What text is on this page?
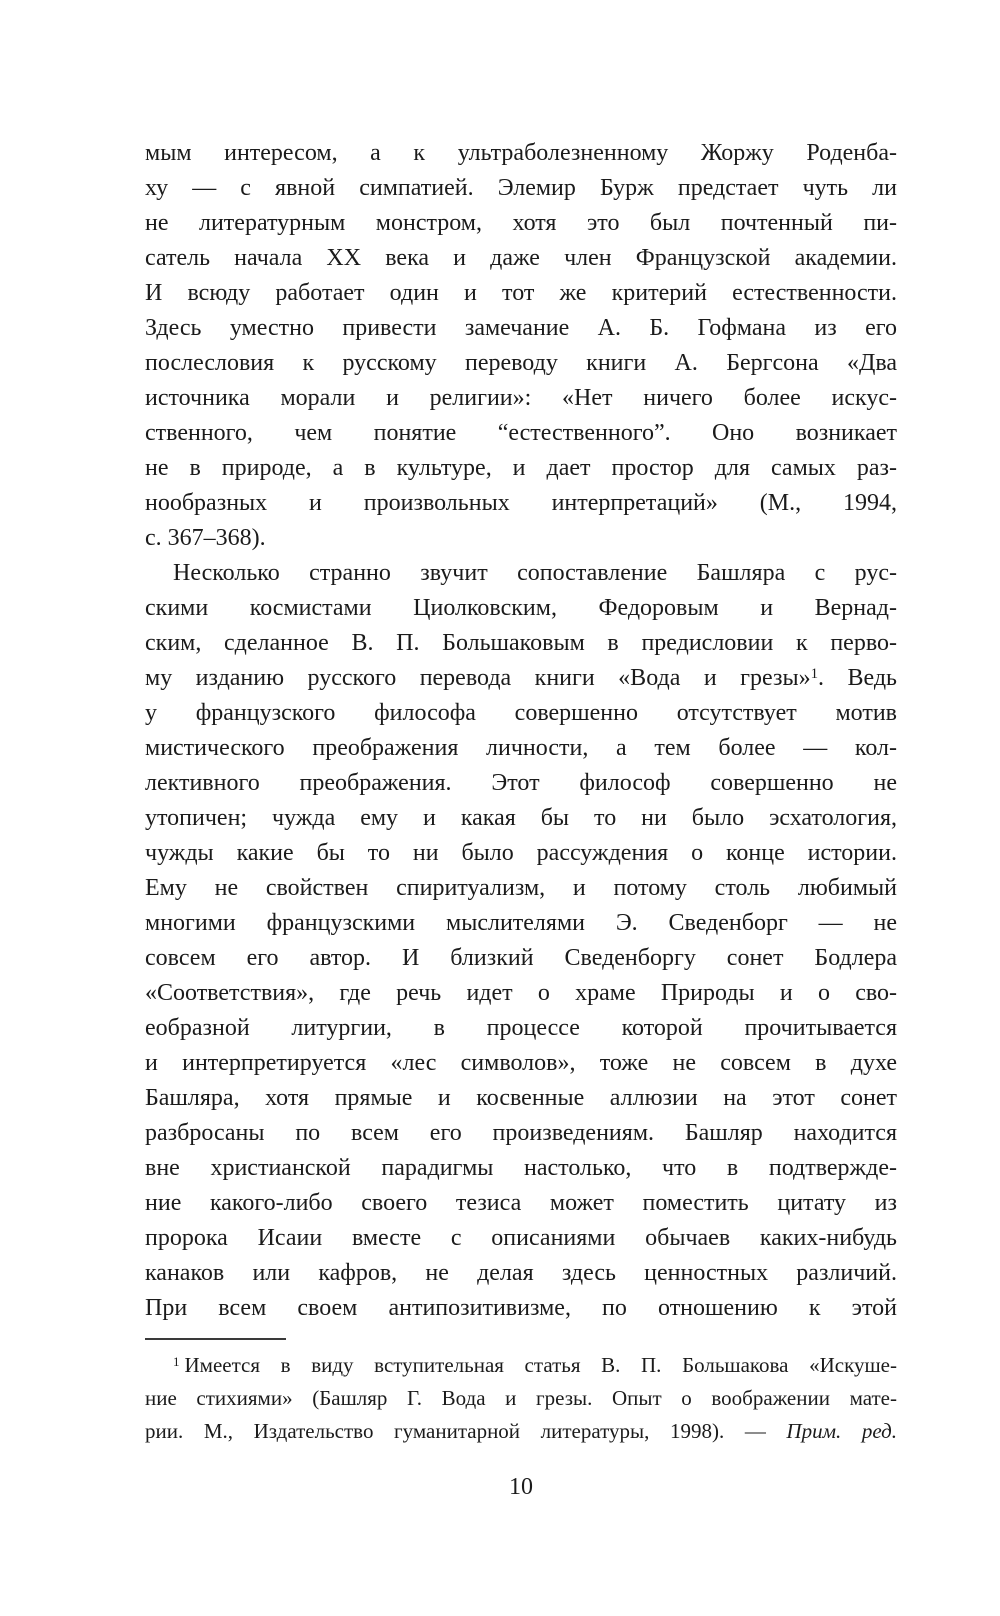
мым интересом, а к ультраболезненному Жоржу Роденба-
ху — с явной симпатией. Элемир Бурж предстает чуть ли
не литературным монстром, хотя это был почтенный пи-
сатель начала XX века и даже член Французской академии.
И всюду работает один и тот же критерий естественности.
Здесь уместно привести замечание А. Б. Гофмана из его
послесловия к русскому переводу книги А. Бергсона «Два
источника морали и религии»: «Нет ничего более искус-
ственного, чем понятие “естественного”. Оно возникает
не в природе, а в культуре, и дает простор для самых раз-
нообразных и произвольных интерпретаций» (М., 1994,
с. 367–368).
Несколько странно звучит сопоставление Башляра с рус-
скими космистами Циолковским, Федоровым и Вернад-
ским, сделанное В. П. Большаковым в предисловии к перво-
му изданию русского перевода книги «Вода и грезы»$^1$. Ведь
у французского философа совершенно отсутствует мотив
мистического преображения личности, а тем более — кол-
лективного преображения. Этот философ совершенно не
утопичен; чужда ему и какая бы то ни было эсхатология,
чужды какие бы то ни было рассуждения о конце истории.
Ему не свойствен спиритуализм, и потому столь любимый
многими французскими мыслителями Э. Сведенборг — не
совсем его автор. И близкий Сведенборгу сонет Бодлера
«Соответствия», где речь идет о храме Природы и о сво-
еобразной литургии, в процессе которой прочитывается
и интерпретируется «лес символов», тоже не совсем в духе
Башляра, хотя прямые и косвенные аллюзии на этот сонет
разбросаны по всем его произведениям. Башляр находится
вне христианской парадигмы настолько, что в подтвержде-
ние какого-либо своего тезиса может поместить цитату из
пророка Исаии вместе с описаниями обычаев каких-нибудь
канаков или кафров, не делая здесь ценностных различий.
При всем своем антипозитивизме, по отношению к этой
$^1$ Имеется в виду вступительная статья В. П. Большакова «Искуше-
ние стихиями» (Башляр Г. Вода и грезы. Опыт о воображении мате-
рии. М., Издательство гуманитарной литературы, 1998). — Прим. ред.
10
